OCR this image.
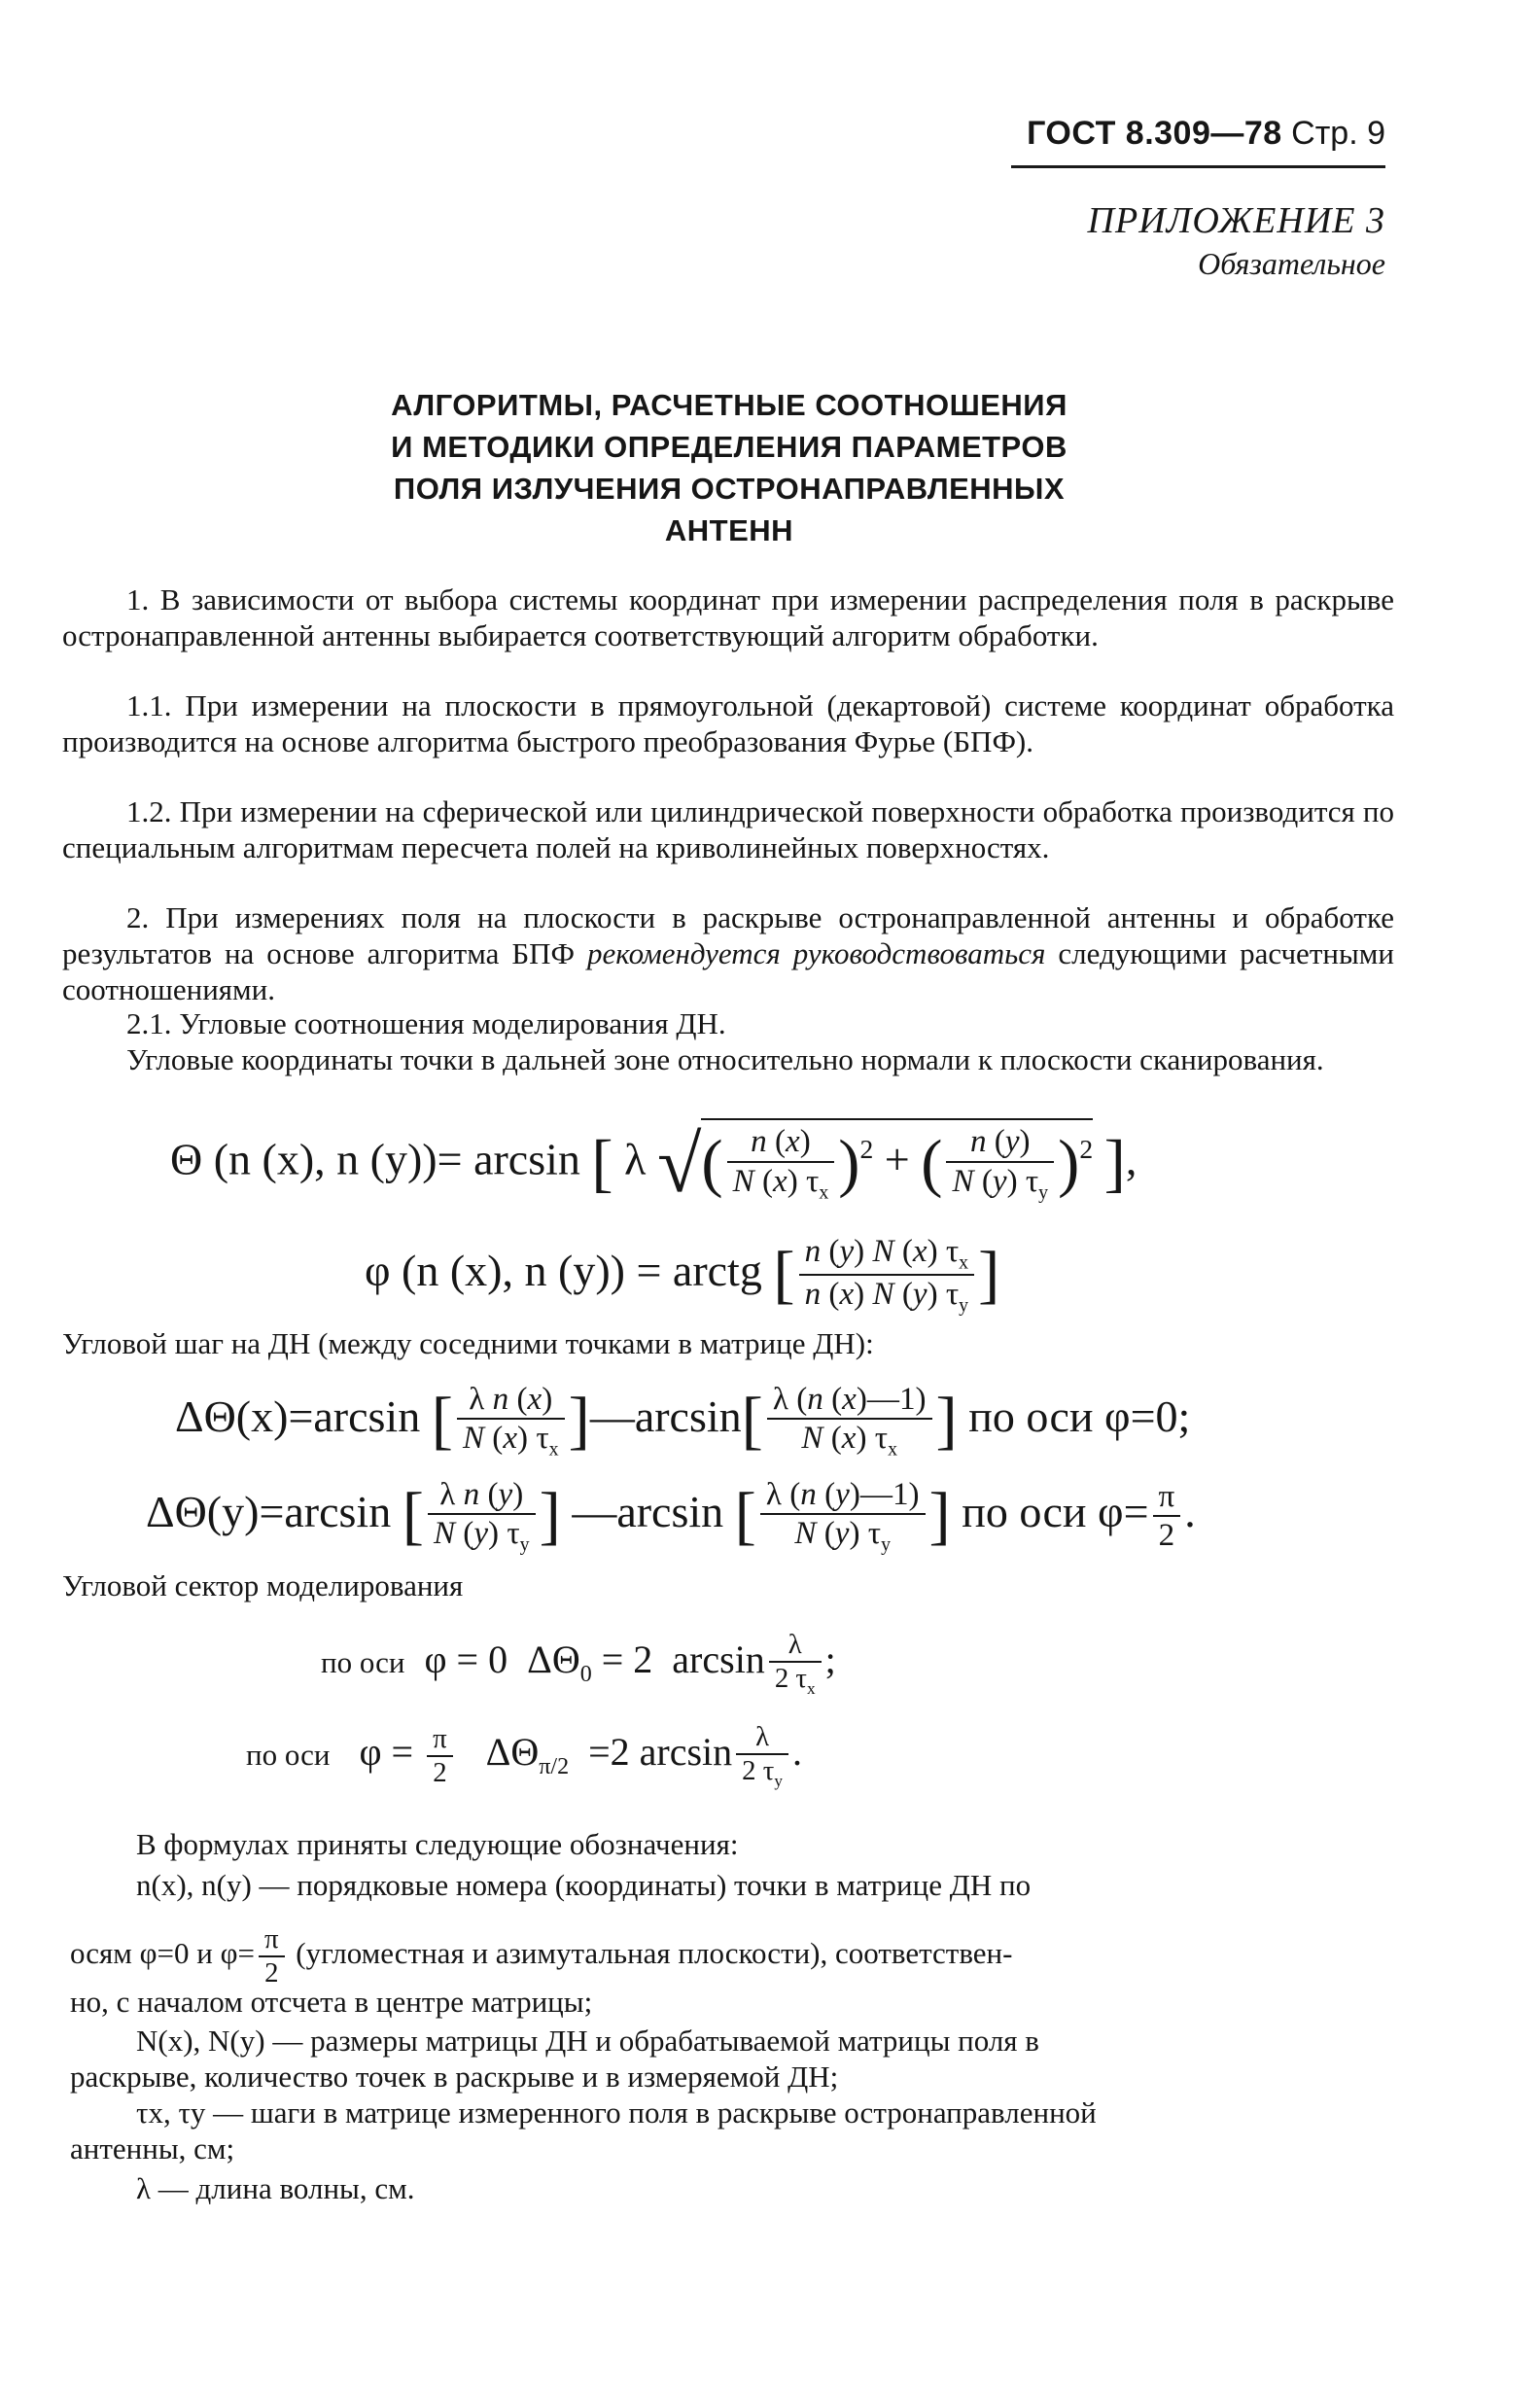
ГОСТ 8.309—78 Стр. 9
ПРИЛОЖЕНИЕ 3
Обязательное
АЛГОРИТМЫ, РАСЧЕТНЫЕ СООТНОШЕНИЯ
И МЕТОДИКИ ОПРЕДЕЛЕНИЯ ПАРАМЕТРОВ
ПОЛЯ ИЗЛУЧЕНИЯ ОСТРОНАПРАВЛЕННЫХ
АНТЕНН
1. В зависимости от выбора системы координат при измерении распределения поля в раскрыве остронаправленной антенны выбирается соответствующий алгоритм обработки.
1.1. При измерении на плоскости в прямоугольной (декартовой) системе координат обработка производится на основе алгоритма быстрого преобразования Фурье (БПФ).
1.2. При измерении на сферической или цилиндрической поверхности обработка производится по специальным алгоритмам пересчета полей на криволинейных поверхностях.
2. При измерениях поля на плоскости в раскрыве остронаправленной антенны и обработке результатов на основе алгоритма БПФ рекомендуется руководствоваться следующими расчетными соотношениями.
2.1. Угловые соотношения моделирования ДН.
Угловые координаты точки в дальней зоне относительно нормали к плоскости сканирования.
Θ (n (x), n (y))= arcsin [ λ √( $\frac{n (x)}{N (x) \tau_x} )^2$ + ( $\frac{n (y)}{N (y) \tau_y} )^2$ ],
φ (n (x), n (y)) = arctg [ $\frac{n (y) N (x) \tau_x}{n (x) N (y) \tau_y}$ ]
Угловой шаг на ДН (между соседними точками в матрице ДН):
ΔΘ(x)=arcsin [ $\frac{\text{λ n (x)}}{N (x) \tau_x}$ ]—arcsin[ $\frac{\lambda (n (x)—1)}{N (x) \tau_x}$ ] по оси φ=0;
ΔΘ(y)=arcsin [ $\frac{\text{λ n (y)}}{N (y) \tau_y}$ ] —arcsin [ $\frac{\lambda (n (y)—1)}{N (y) \tau_y}$ ] по оси $\varphi= \frac{\pi}{2}$ .
Угловой сектор моделирования
по оси  φ = 0  $\Delta\Theta_0 = 2$  $\arcsin \frac{\lambda}{2 \tau_x}$ ;
по оси   $\varphi = \frac{\pi}{2} \Delta\Theta_{\pi/2} =2$ $\arcsin \frac{\lambda}{2 \tau_y}$ .
В формулах приняты следующие обозначения:
n(x), n(y) — порядковые номера (координаты) точки в матрице ДН по
осям φ=0 и $\varphi= \frac{\pi}{2}$ (угломестная и азимутальная плоскости), соответствен-
но, с началом отсчета в центре матрицы;
N(x), N(y) — размеры матрицы ДН и обрабатываемой матрицы поля в
раскрыве, количество точек в раскрыве и в измеряемой ДН;
τx, τy — шаги в матрице измеренного поля в раскрыве остронаправленной
антенны, см;
λ — длина волны, см.
